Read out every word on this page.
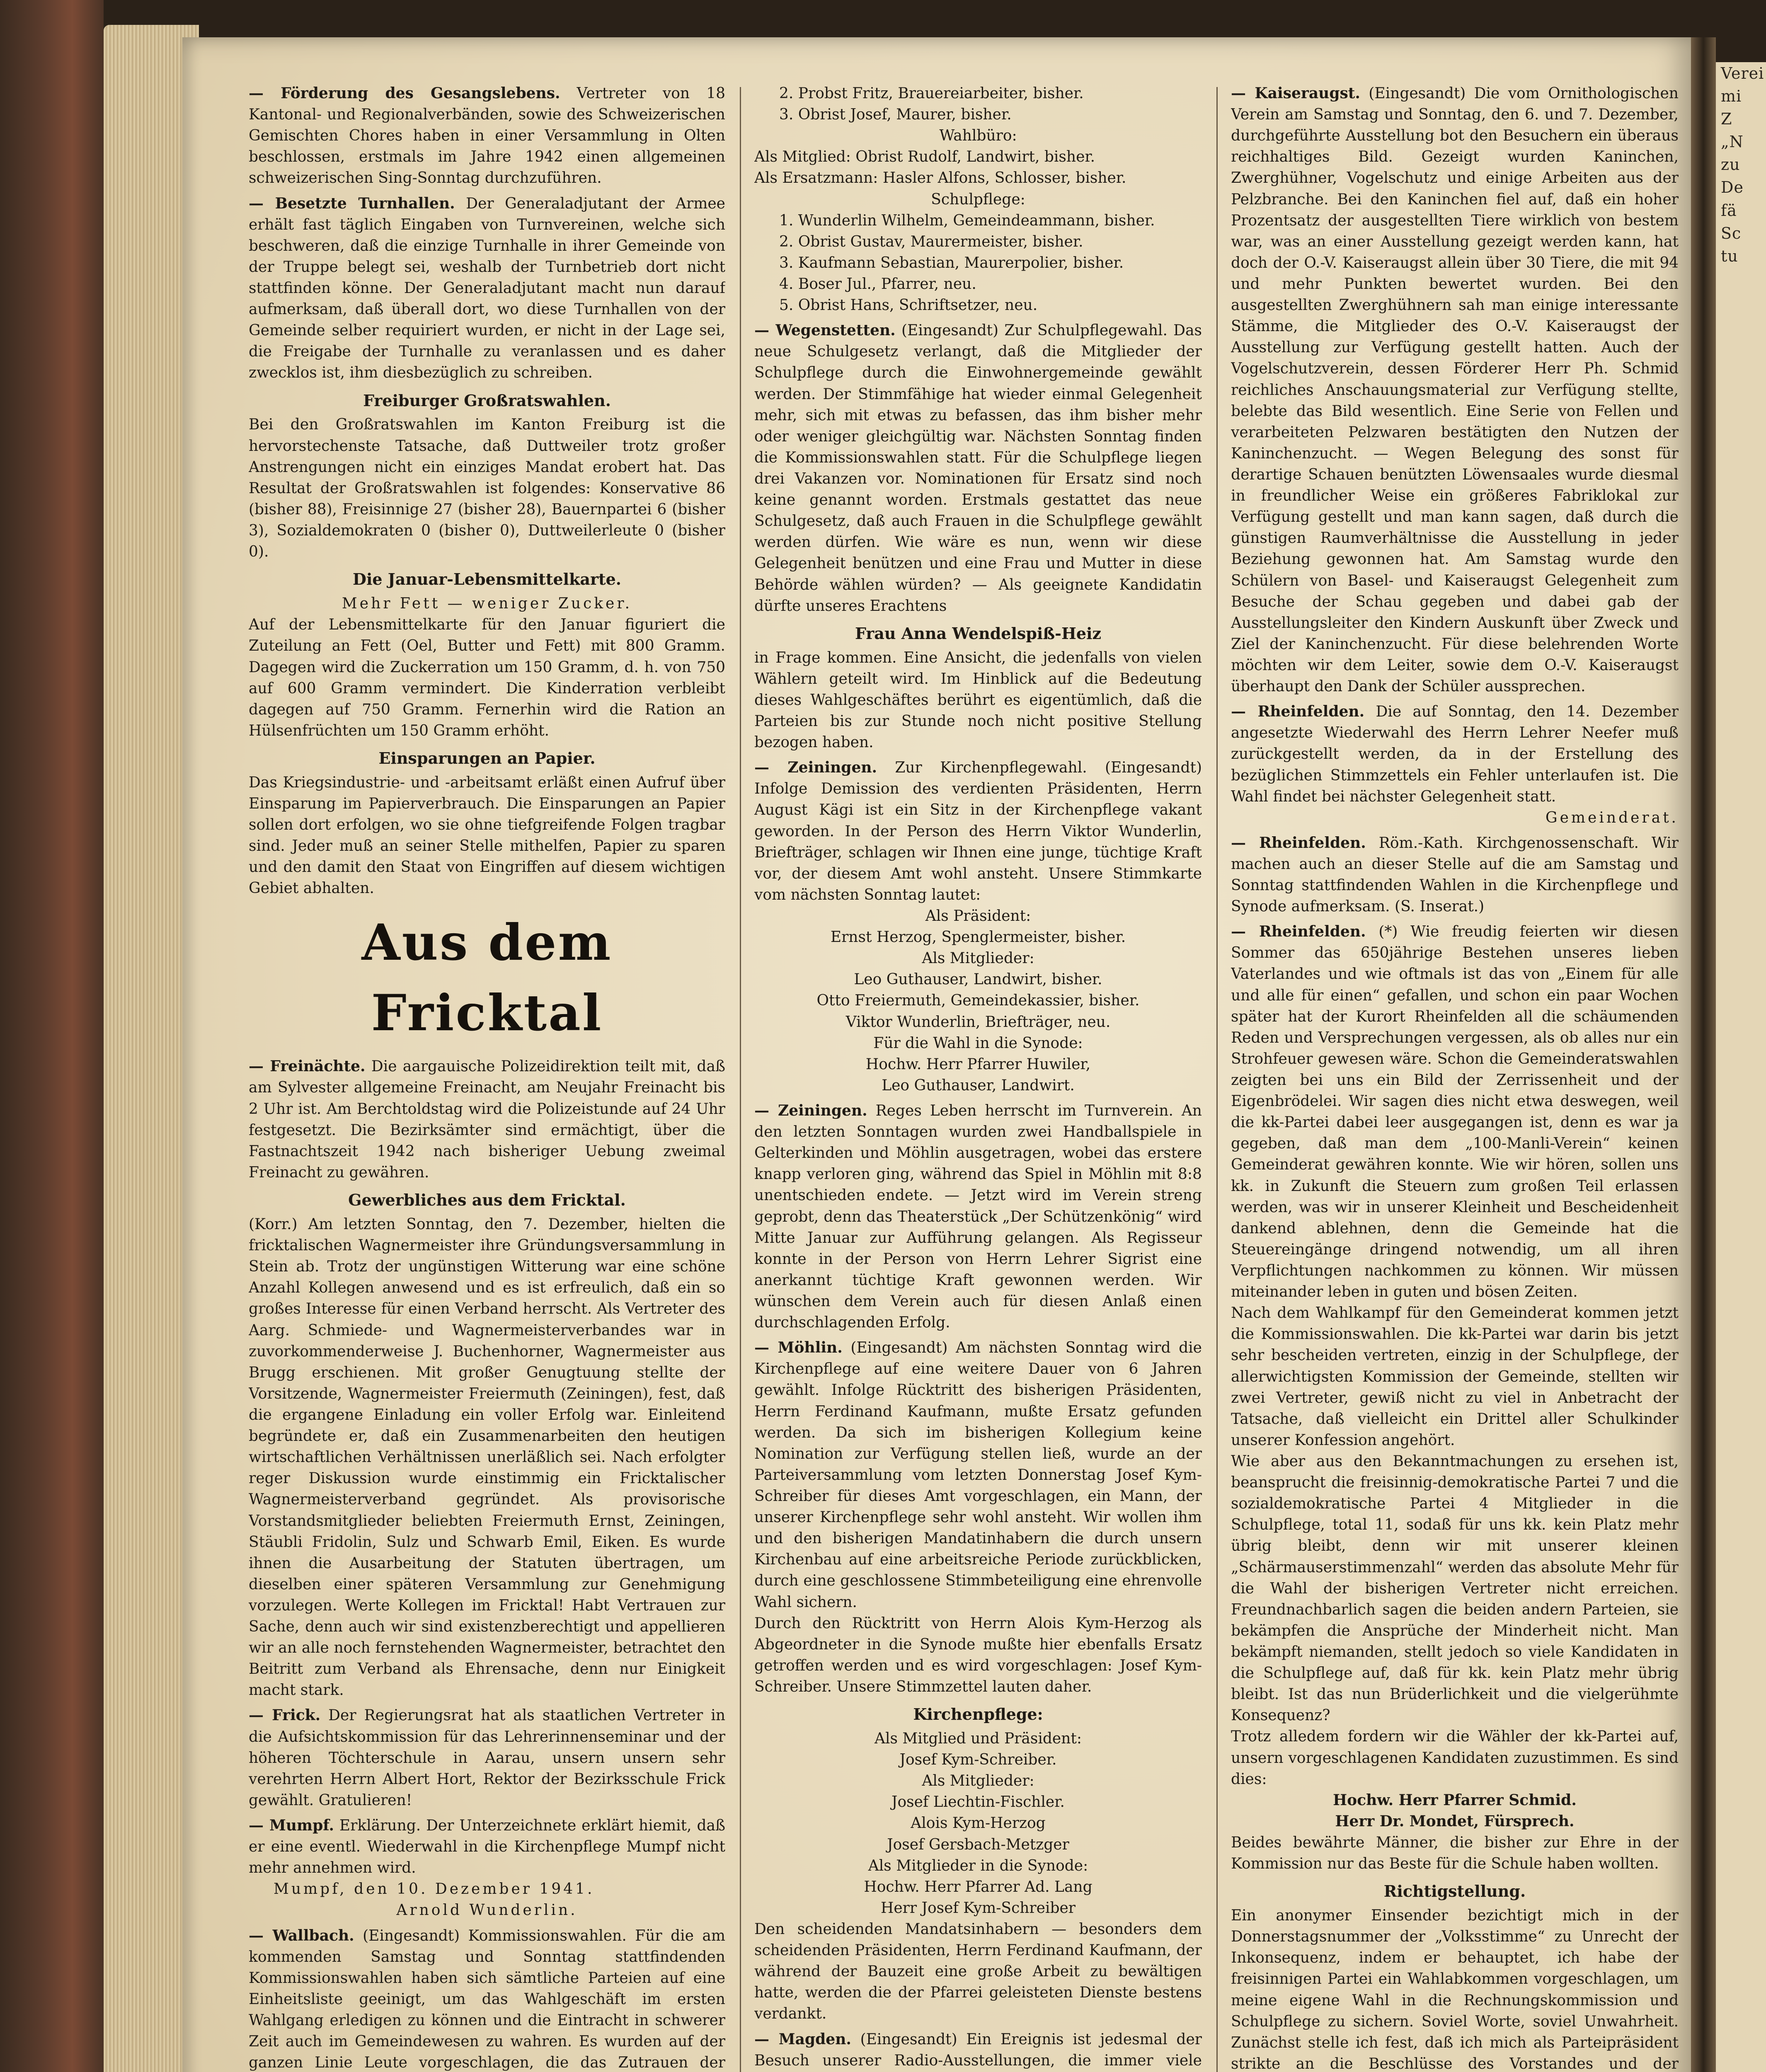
Verei
mi
Z
„N
zu
De
fä
Sc
tu

— Förderung des Gesangslebens. Vertreter von 18 Kantonal- und Regionalverbänden, sowie des Schweizerischen Gemischten Chores haben in einer Versammlung in Olten beschlossen, erstmals im Jahre 1942 einen allgemeinen schweizerischen Sing-Sonntag durchzuführen.

— Besetzte Turnhallen. Der Generaladjutant der Armee erhält fast täglich Eingaben von Turnvereinen, welche sich beschweren, daß die einzige Turnhalle in ihrer Gemeinde von der Truppe belegt sei, weshalb der Turnbetrieb dort nicht stattfinden könne. Der Generaladjutant macht nun darauf aufmerksam, daß überall dort, wo diese Turnhallen von der Gemeinde selber requiriert wurden, er nicht in der Lage sei, die Freigabe der Turnhalle zu veranlassen und es daher zwecklos ist, ihm diesbezüglich zu schreiben.

Freiburger Großratswahlen.

Bei den Großratswahlen im Kanton Freiburg ist die hervorstechenste Tatsache, daß Duttweiler trotz großer Anstrengungen nicht ein einziges Mandat erobert hat. Das Resultat der Großratswahlen ist folgendes: Konservative 86 (bisher 88), Freisinnige 27 (bisher 28), Bauernpartei 6 (bisher 3), Sozialdemokraten 0 (bisher 0), Duttweilerleute 0 (bisher 0).

Die Januar-Lebensmittelkarte.

Mehr Fett — weniger Zucker.

Auf der Lebensmittelkarte für den Januar figuriert die Zuteilung an Fett (Oel, Butter und Fett) mit 800 Gramm. Dagegen wird die Zuckerration um 150 Gramm, d. h. von 750 auf 600 Gramm vermindert. Die Kinderration verbleibt dagegen auf 750 Gramm. Fernerhin wird die Ration an Hülsenfrüchten um 150 Gramm erhöht.

Einsparungen an Papier.

Das Kriegsindustrie- und -arbeitsamt erläßt einen Aufruf über Einsparung im Papierverbrauch. Die Einsparungen an Papier sollen dort erfolgen, wo sie ohne tiefgreifende Folgen tragbar sind. Jeder muß an seiner Stelle mithelfen, Papier zu sparen und den damit den Staat von Eingriffen auf diesem wichtigen Gebiet abhalten.

Aus dem Fricktal

— Freinächte. Die aargauische Polizeidirektion teilt mit, daß am Sylvester allgemeine Freinacht, am Neujahr Freinacht bis 2 Uhr ist. Am Berchtoldstag wird die Polizeistunde auf 24 Uhr festgesetzt. Die Bezirksämter sind ermächtigt, über die Fastnachtszeit 1942 nach bisheriger Uebung zweimal Freinacht zu gewähren.

Gewerbliches aus dem Fricktal.

(Korr.) Am letzten Sonntag, den 7. Dezember, hielten die fricktalischen Wagnermeister ihre Gründungsversammlung in Stein ab. Trotz der ungünstigen Witterung war eine schöne Anzahl Kollegen anwesend und es ist erfreulich, daß ein so großes Interesse für einen Verband herrscht. Als Vertreter des Aarg. Schmiede- und Wagnermeisterverbandes war in zuvorkommenderweise J. Buchenhorner, Wagnermeister aus Brugg erschienen. Mit großer Genugtuung stellte der Vorsitzende, Wagnermeister Freiermuth (Zeiningen), fest, daß die ergangene Einladung ein voller Erfolg war. Einleitend begründete er, daß ein Zusammenarbeiten den heutigen wirtschaftlichen Verhältnissen unerläßlich sei. Nach erfolgter reger Diskussion wurde einstimmig ein Fricktalischer Wagnermeisterverband gegründet. Als provisorische Vorstandsmitglieder beliebten Freiermuth Ernst, Zeiningen, Stäubli Fridolin, Sulz und Schwarb Emil, Eiken. Es wurde ihnen die Ausarbeitung der Statuten übertragen, um dieselben einer späteren Versammlung zur Genehmigung vorzulegen. Werte Kollegen im Fricktal! Habt Vertrauen zur Sache, denn auch wir sind existenzberechtigt und appellieren wir an alle noch fernstehenden Wagnermeister, betrachtet den Beitritt zum Verband als Ehrensache, denn nur Einigkeit macht stark.

— Frick. Der Regierungsrat hat als staatlichen Vertreter in die Aufsichtskommission für das Lehrerinnenseminar und der höheren Töchterschule in Aarau, unsern unsern sehr verehrten Herrn Albert Hort, Rektor der Bezirksschule Frick gewählt. Gratulieren!

— Mumpf. Erklärung. Der Unterzeichnete erklärt hiemit, daß er eine eventl. Wiederwahl in die Kirchenpflege Mumpf nicht mehr annehmen wird.

Mumpf, den 10. Dezember 1941.

Arnold Wunderlin.

— Wallbach. (Eingesandt) Kommissionswahlen. Für die am kommenden Samstag und Sonntag stattfindenden Kommissionswahlen haben sich sämtliche Parteien auf eine Einheitsliste geeinigt, um das Wahlgeschäft im ersten Wahlgang erledigen zu können und die Eintracht in schwerer Zeit auch im Gemeindewesen zu wahren. Es wurden auf der ganzen Linie Leute vorgeschlagen, die das Zutrauen der

2. Probst Fritz, Brauereiarbeiter, bisher.

3. Obrist Josef, Maurer, bisher.

Wahlbüro:

Als Mitglied: Obrist Rudolf, Landwirt, bisher.

Als Ersatzmann: Hasler Alfons, Schlosser, bisher.

Schulpflege:

1. Wunderlin Wilhelm, Gemeindeammann, bisher.

2. Obrist Gustav, Maurermeister, bisher.

3. Kaufmann Sebastian, Maurerpolier, bisher.

4. Boser Jul., Pfarrer, neu.

5. Obrist Hans, Schriftsetzer, neu.

— Wegenstetten. (Eingesandt) Zur Schulpflegewahl. Das neue Schulgesetz verlangt, daß die Mitglieder der Schulpflege durch die Einwohnergemeinde gewählt werden. Der Stimmfähige hat wieder einmal Gelegenheit mehr, sich mit etwas zu befassen, das ihm bisher mehr oder weniger gleichgültig war. Nächsten Sonntag finden die Kommissionswahlen statt. Für die Schulpflege liegen drei Vakanzen vor. Nominationen für Ersatz sind noch keine genannt worden. Erstmals gestattet das neue Schulgesetz, daß auch Frauen in die Schulpflege gewählt werden dürfen. Wie wäre es nun, wenn wir diese Gelegenheit benützen und eine Frau und Mutter in diese Behörde wählen würden? — Als geeignete Kandidatin dürfte unseres Erachtens

Frau Anna Wendelspiß-Heiz

in Frage kommen. Eine Ansicht, die jedenfalls von vielen Wählern geteilt wird. Im Hinblick auf die Bedeutung dieses Wahlgeschäftes berührt es eigentümlich, daß die Parteien bis zur Stunde noch nicht positive Stellung bezogen haben.

— Zeiningen. Zur Kirchenpflegewahl. (Eingesandt) Infolge Demission des verdienten Präsidenten, Herrn August Kägi ist ein Sitz in der Kirchenpflege vakant geworden. In der Person des Herrn Viktor Wunderlin, Briefträger, schlagen wir Ihnen eine junge, tüchtige Kraft vor, der diesem Amt wohl ansteht. Unsere Stimmkarte vom nächsten Sonntag lautet:

Als Präsident:

Ernst Herzog, Spenglermeister, bisher.

Als Mitglieder:

Leo Guthauser, Landwirt, bisher.

Otto Freiermuth, Gemeindekassier, bisher.

Viktor Wunderlin, Briefträger, neu.

Für die Wahl in die Synode:

Hochw. Herr Pfarrer Huwiler,

Leo Guthauser, Landwirt.

— Zeiningen. Reges Leben herrscht im Turnverein. An den letzten Sonntagen wurden zwei Handballspiele in Gelterkinden und Möhlin ausgetragen, wobei das erstere knapp verloren ging, während das Spiel in Möhlin mit 8:8 unentschieden endete. — Jetzt wird im Verein streng geprobt, denn das Theaterstück „Der Schützenkönig“ wird Mitte Januar zur Aufführung gelangen. Als Regisseur konnte in der Person von Herrn Lehrer Sigrist eine anerkannt tüchtige Kraft gewonnen werden. Wir wünschen dem Verein auch für diesen Anlaß einen durchschlagenden Erfolg.

— Möhlin. (Eingesandt) Am nächsten Sonntag wird die Kirchenpflege auf eine weitere Dauer von 6 Jahren gewählt. Infolge Rücktritt des bisherigen Präsidenten, Herrn Ferdinand Kaufmann, mußte Ersatz gefunden werden. Da sich im bisherigen Kollegium keine Nomination zur Verfügung stellen ließ, wurde an der Parteiversammlung vom letzten Donnerstag Josef Kym-Schreiber für dieses Amt vorgeschlagen, ein Mann, der unserer Kirchenpflege sehr wohl ansteht. Wir wollen ihm und den bisherigen Mandatinhabern die durch unsern Kirchenbau auf eine arbeitsreiche Periode zurückblicken, durch eine geschlossene Stimmbeteiligung eine ehrenvolle Wahl sichern.

Durch den Rücktritt von Herrn Alois Kym-Herzog als Abgeordneter in die Synode mußte hier ebenfalls Ersatz getroffen werden und es wird vorgeschlagen: Josef Kym-Schreiber. Unsere Stimmzettel lauten daher.

Kirchenpflege:

Als Mitglied und Präsident:

Josef Kym-Schreiber.

Als Mitglieder:

Josef Liechtin-Fischler.

Alois Kym-Herzog

Josef Gersbach-Metzger

Als Mitglieder in die Synode:

Hochw. Herr Pfarrer Ad. Lang

Herr Josef Kym-Schreiber

Den scheidenden Mandatsinhabern — besonders dem scheidenden Präsidenten, Herrn Ferdinand Kaufmann, der während der Bauzeit eine große Arbeit zu bewältigen hatte, werden die der Pfarrei geleisteten Dienste bestens verdankt.

— Magden. (Eingesandt) Ein Ereignis ist jedesmal der Besuch unserer Radio-Ausstellungen, die immer viele

— Kaiseraugst. (Eingesandt) Die vom Ornithologischen Verein am Samstag und Sonntag, den 6. und 7. Dezember, durchgeführte Ausstellung bot den Besuchern ein überaus reichhaltiges Bild. Gezeigt wurden Kaninchen, Zwerghühner, Vogelschutz und einige Arbeiten aus der Pelzbranche. Bei den Kaninchen fiel auf, daß ein hoher Prozentsatz der ausgestellten Tiere wirklich von bestem war, was an einer Ausstellung gezeigt werden kann, hat doch der O.-V. Kaiseraugst allein über 30 Tiere, die mit 94 und mehr Punkten bewertet wurden. Bei den ausgestellten Zwerghühnern sah man einige interessante Stämme, die Mitglieder des O.-V. Kaiseraugst der Ausstellung zur Verfügung gestellt hatten. Auch der Vogelschutzverein, dessen Förderer Herr Ph. Schmid reichliches Anschauungsmaterial zur Verfügung stellte, belebte das Bild wesentlich. Eine Serie von Fellen und verarbeiteten Pelzwaren bestätigten den Nutzen der Kaninchenzucht. — Wegen Belegung des sonst für derartige Schauen benützten Löwensaales wurde diesmal in freundlicher Weise ein größeres Fabriklokal zur Verfügung gestellt und man kann sagen, daß durch die günstigen Raumverhältnisse die Ausstellung in jeder Beziehung gewonnen hat. Am Samstag wurde den Schülern von Basel- und Kaiseraugst Gelegenheit zum Besuche der Schau gegeben und dabei gab der Ausstellungsleiter den Kindern Auskunft über Zweck und Ziel der Kaninchenzucht. Für diese belehrenden Worte möchten wir dem Leiter, sowie dem O.-V. Kaiseraugst überhaupt den Dank der Schüler aussprechen.

— Rheinfelden. Die auf Sonntag, den 14. Dezember angesetzte Wiederwahl des Herrn Lehrer Neefer muß zurückgestellt werden, da in der Erstellung des bezüglichen Stimmzettels ein Fehler unterlaufen ist. Die Wahl findet bei nächster Gelegenheit statt.

Gemeinderat.

— Rheinfelden. Röm.-Kath. Kirchgenossenschaft. Wir machen auch an dieser Stelle auf die am Samstag und Sonntag stattfindenden Wahlen in die Kirchenpflege und Synode aufmerksam. (S. Inserat.)

— Rheinfelden. (*) Wie freudig feierten wir diesen Sommer das 650jährige Bestehen unseres lieben Vaterlandes und wie oftmals ist das von „Einem für alle und alle für einen“ gefallen, und schon ein paar Wochen später hat der Kurort Rheinfelden all die schäumenden Reden und Versprechungen vergessen, als ob alles nur ein Strohfeuer gewesen wäre. Schon die Gemeinderatswahlen zeigten bei uns ein Bild der Zerrissenheit und der Eigenbrödelei. Wir sagen dies nicht etwa deswegen, weil die kk-Partei dabei leer ausgegangen ist, denn es war ja gegeben, daß man dem „100-Manli-Verein“ keinen Gemeinderat gewähren konnte. Wie wir hören, sollen uns kk. in Zukunft die Steuern zum großen Teil erlassen werden, was wir in unserer Kleinheit und Bescheidenheit dankend ablehnen, denn die Gemeinde hat die Steuereingänge dringend notwendig, um all ihren Verpflichtungen nachkommen zu können. Wir müssen miteinander leben in guten und bösen Zeiten.

Nach dem Wahlkampf für den Gemeinderat kommen jetzt die Kommissionswahlen. Die kk-Partei war darin bis jetzt sehr bescheiden vertreten, einzig in der Schulpflege, der allerwichtigsten Kommission der Gemeinde, stellten wir zwei Vertreter, gewiß nicht zu viel in Anbetracht der Tatsache, daß vielleicht ein Drittel aller Schulkinder unserer Konfession angehört.

Wie aber aus den Bekanntmachungen zu ersehen ist, beansprucht die freisinnig-demokratische Partei 7 und die sozialdemokratische Partei 4 Mitglieder in die Schulpflege, total 11, sodaß für uns kk. kein Platz mehr übrig bleibt, denn wir mit unserer kleinen „Schärmauserstimmenzahl“ werden das absolute Mehr für die Wahl der bisherigen Vertreter nicht erreichen. Freundnachbarlich sagen die beiden andern Parteien, sie bekämpfen die Ansprüche der Minderheit nicht. Man bekämpft niemanden, stellt jedoch so viele Kandidaten in die Schulpflege auf, daß für kk. kein Platz mehr übrig bleibt. Ist das nun Brüderlichkeit und die vielgerühmte Konsequenz?

Trotz alledem fordern wir die Wähler der kk-Partei auf, unsern vorgeschlagenen Kandidaten zuzustimmen. Es sind dies:

Hochw. Herr Pfarrer Schmid.

Herr Dr. Mondet, Fürsprech.

Beides bewährte Männer, die bisher zur Ehre in der Kommission nur das Beste für die Schule haben wollten.

Richtigstellung.

Ein anonymer Einsender bezichtigt mich in der Donnerstagsnummer der „Volksstimme“ zu Unrecht der Inkonsequenz, indem er behauptet, ich habe der freisinnigen Partei ein Wahlabkommen vorgeschlagen, um meine eigene Wahl in die Rechnungskommission und Schulpflege zu sichern. Soviel Worte, soviel Unwahrheit. Zunächst stelle ich fest, daß ich mich als Parteipräsident strikte an die Beschlüsse des Vorstandes und der
